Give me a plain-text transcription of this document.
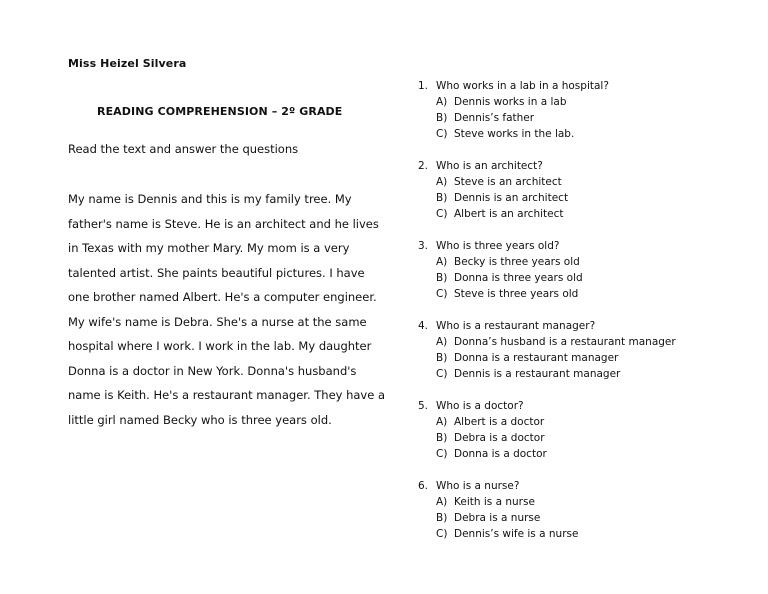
Miss Heizel Silvera
READING COMPREHENSION – 2º GRADE
Read the text and answer the questions
My name is Dennis and this is my family tree. My
father's name is Steve. He is an architect and he lives
in Texas with my mother Mary. My mom is a very
talented artist. She paints beautiful pictures. I have
one brother named Albert. He's a computer engineer.
My wife's name is Debra. She's a nurse at the same
hospital where I work. I work in the lab. My daughter
Donna is a doctor in New York. Donna's husband's
name is Keith. He's a restaurant manager. They have a
little girl named Becky who is three years old.
1. Who works in a lab in a hospital?
A) Dennis works in a lab
B) Dennis’s father
C) Steve works in the lab.
2. Who is an architect?
A) Steve is an architect
B) Dennis is an architect
C) Albert is an architect
3. Who is three years old?
A) Becky is three years old
B) Donna is three years old
C) Steve is three years old
4. Who is a restaurant manager?
A) Donna’s husband is a restaurant manager
B) Donna is a restaurant manager
C) Dennis is a restaurant manager
5. Who is a doctor?
A) Albert is a doctor
B) Debra is a doctor
C) Donna is a doctor
6. Who is a nurse?
A) Keith is a nurse
B) Debra is a nurse
C) Dennis’s wife is a nurse
